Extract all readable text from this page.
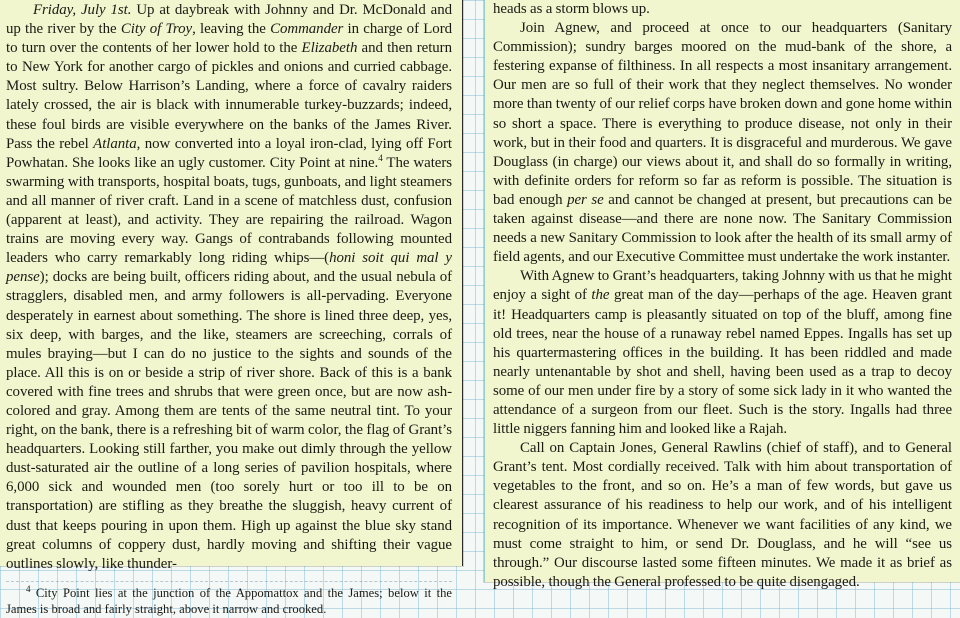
Friday, July 1st. Up at daybreak with Johnny and Dr. McDonald and up the river by the City of Troy, leaving the Commander in charge of Lord to turn over the contents of her lower hold to the Elizabeth and then return to New York for another cargo of pickles and onions and curried cabbage. Most sultry. Below Harrison’s Landing, where a force of cavalry raiders lately crossed, the air is black with innumerable turkey-buzzards; indeed, these foul birds are visible everywhere on the banks of the James River. Pass the rebel Atlanta, now converted into a loyal iron-clad, lying off Fort Powhatan. She looks like an ugly customer. City Point at nine.$^4$ The waters swarming with transports, hospital boats, tugs, gunboats, and light steamers and all manner of river craft. Land in a scene of matchless dust, confusion (apparent at least), and activity. They are repairing the railroad. Wagon trains are moving every way. Gangs of contrabands following mounted leaders who carry remarkably long riding whips—(honi soit qui mal y pense); docks are being built, officers riding about, and the usual nebula of stragglers, disabled men, and army followers is all-pervading. Everyone desperately in earnest about something. The shore is lined three deep, yes, six deep, with barges, and the like, steamers are screeching, corrals of mules braying—but I can do no justice to the sights and sounds of the place. All this is on or beside a strip of river shore. Back of this is a bank covered with fine trees and shrubs that were green once, but are now ash-colored and gray. Among them are tents of the same neutral tint. To your right, on the bank, there is a refreshing bit of warm color, the flag of Grant’s headquarters. Looking still farther, you make out dimly through the yellow dust-saturated air the outline of a long series of pavilion hospitals, where 6,000 sick and wounded men (too sorely hurt or too ill to be on transportation) are stifling as they breathe the sluggish, heavy current of dust that keeps pouring in upon them. High up against the blue sky stand great columns of coppery dust, hardly moving and shifting their vague outlines slowly, like thunder-

$^4$ City Point lies at the junction of the Appomattox and the James; below it the James is broad and fairly straight, above it narrow and crooked.

heads as a storm blows up.

Join Agnew, and proceed at once to our headquarters (Sanitary Commission); sundry barges moored on the mud-bank of the shore, a festering expanse of filthiness. In all respects a most insanitary arrangement. Our men are so full of their work that they neglect themselves. No wonder more than twenty of our relief corps have broken down and gone home within so short a space. There is everything to produce disease, not only in their work, but in their food and quarters. It is disgraceful and murderous. We gave Douglass (in charge) our views about it, and shall do so formally in writing, with definite orders for reform so far as reform is possible. The situation is bad enough per se and cannot be changed at present, but precautions can be taken against disease—and there are none now. The Sanitary Commission needs a new Sanitary Commission to look after the health of its small army of field agents, and our Executive Committee must undertake the work instanter.

With Agnew to Grant’s headquarters, taking Johnny with us that he might enjoy a sight of the great man of the day—perhaps of the age. Heaven grant it! Headquarters camp is pleasantly situated on top of the bluff, among fine old trees, near the house of a runaway rebel named Eppes. Ingalls has set up his quartermastering offices in the building. It has been riddled and made nearly untenantable by shot and shell, having been used as a trap to decoy some of our men under fire by a story of some sick lady in it who wanted the attendance of a surgeon from our fleet. Such is the story. Ingalls had three little niggers fanning him and looked like a Rajah.

Call on Captain Jones, General Rawlins (chief of staff), and to General Grant’s tent. Most cordially received. Talk with him about transportation of vegetables to the front, and so on. He’s a man of few words, but gave us clearest assurance of his readiness to help our work, and of his intelligent recognition of its importance. Whenever we want facilities of any kind, we must come straight to him, or send Dr. Douglass, and he will “see us through.” Our discourse lasted some fifteen minutes. We made it as brief as possible, though the General professed to be quite disengaged.
